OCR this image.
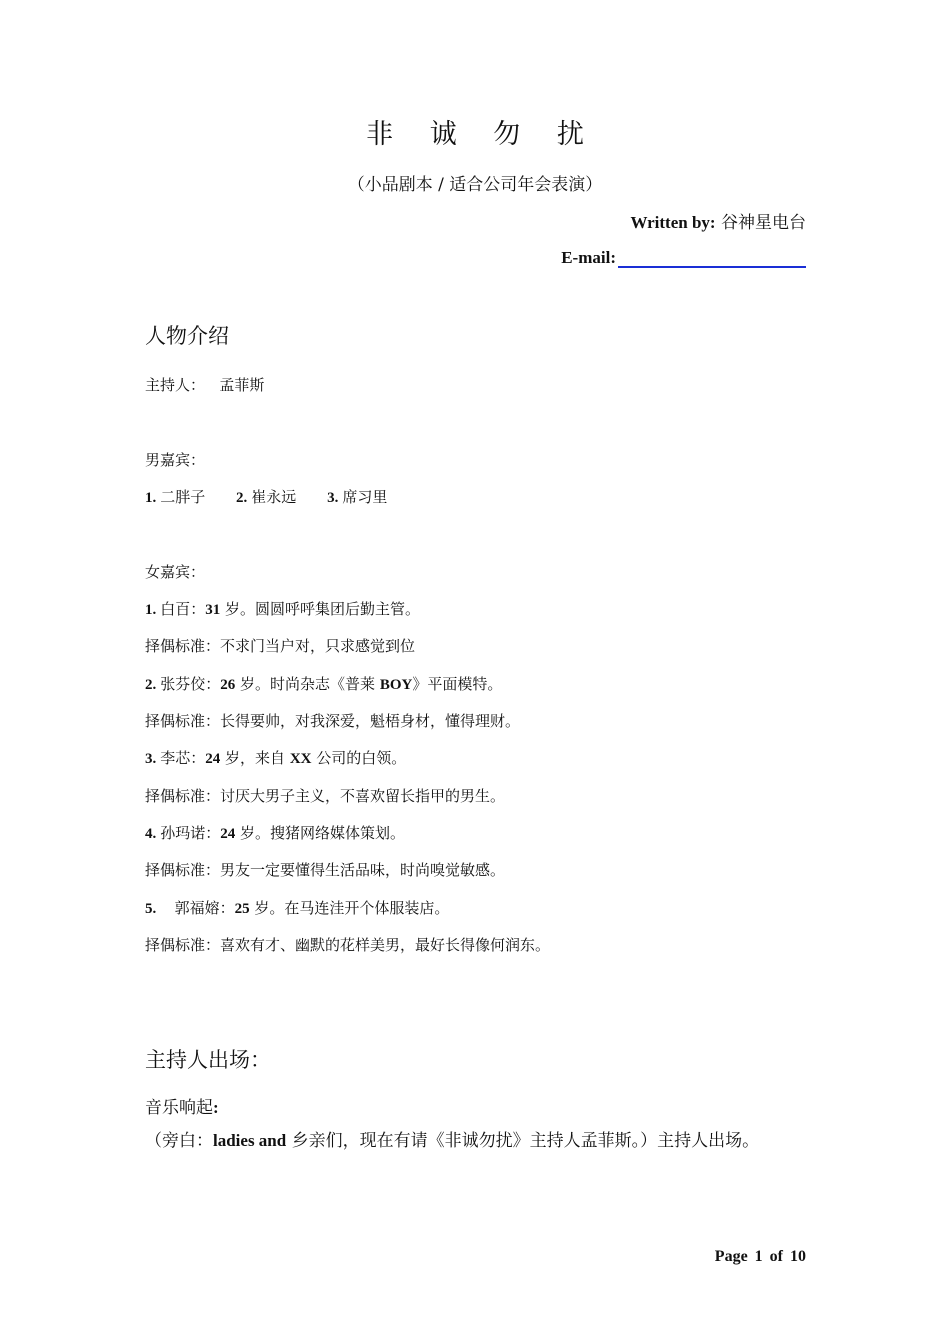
非 诚 勿 扰
（小品剧本 / 适合公司年会表演）
Written by: 谷神星电台
E-mail:
人物介绍
主持人： 孟菲斯
男嘉宾：
1. 二胖子 2. 崔永远 3. 席习里
女嘉宾：
1. 白百：31 岁。圆圆呼呼集团后勤主管。
择偶标准：不求门当户对，只求感觉到位
2. 张芬佼：26 岁。时尚杂志《普莱 BOY》平面模特。
择偶标准：长得要帅，对我深爱，魁梧身材，懂得理财。
3. 李芯：24 岁，来自 XX 公司的白领。
择偶标准：讨厌大男子主义，不喜欢留长指甲的男生。
4. 孙玛诺：24 岁。搜猪网络媒体策划。
择偶标准：男友一定要懂得生活品味，时尚嗅觉敏感。
5. 郭福嫆：25 岁。在马连洼开个体服装店。
择偶标准：喜欢有才、幽默的花样美男，最好长得像何润东。
主持人出场：
音乐响起:
（旁白：ladies and 乡亲们，现在有请《非诚勿扰》主持人孟菲斯。）主持人出场。
Page 1 of 10
